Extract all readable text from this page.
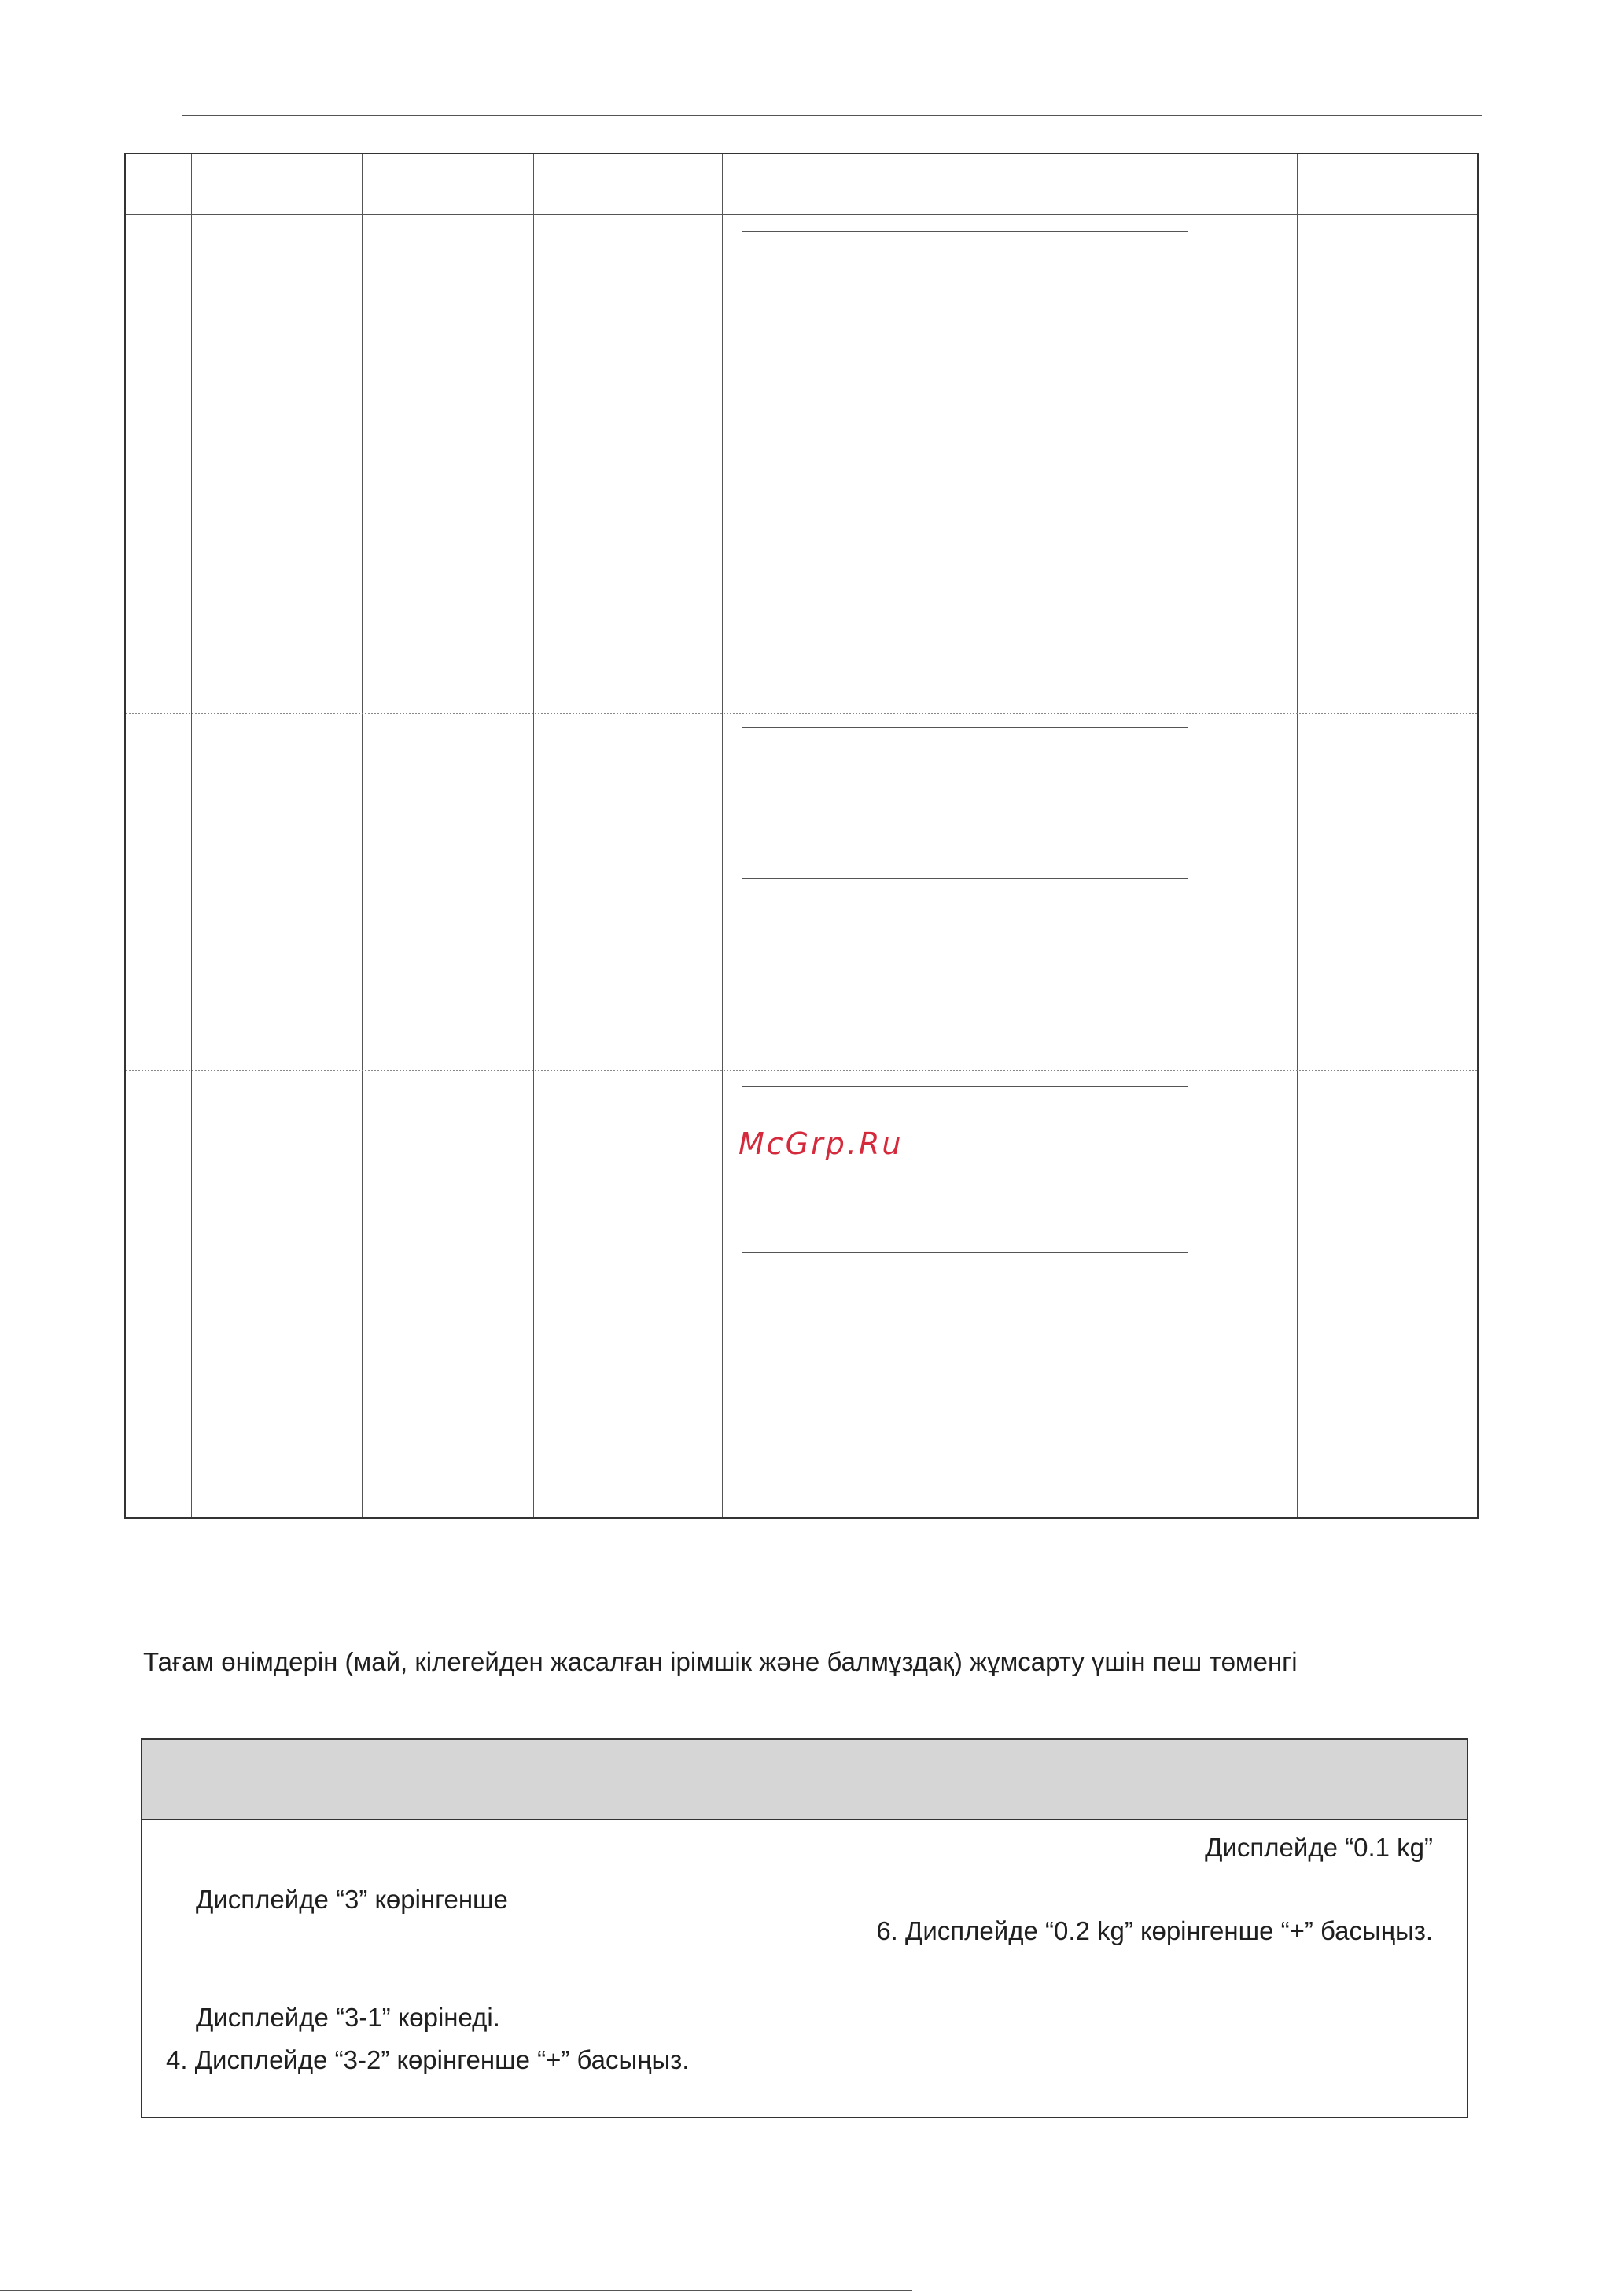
McGrp.Ru
Тағам өнімдерін (май, кілегейден жасалған ірімшік және балмұздақ) жұмсарту үшін пеш төменгі
Дисплейде “0.1 kg”
Дисплейде “3” көрінгенше
6. Дисплейде “0.2 kg” көрінгенше “+” басыңыз.
Дисплейде “3-1” көрінеді.
4. Дисплейде “3-2” көрінгенше “+” басыңыз.
